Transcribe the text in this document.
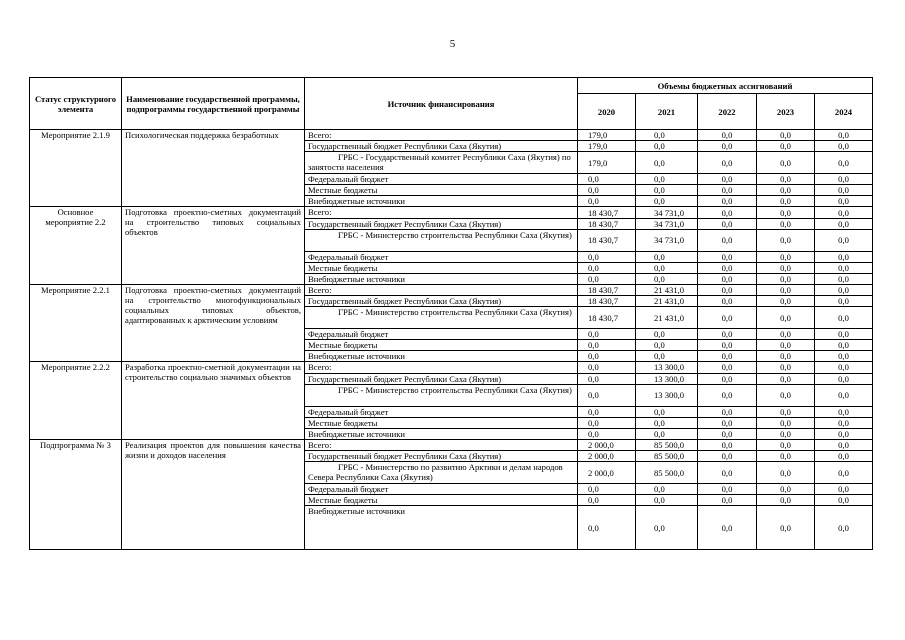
5
Статус структурного элемента	Наименование государственной программы, подпрограммы государственной программы	Источник финансирования	Объемы бюджетных ассигнований				
			2020	2021	2022	2023	2024
Мероприятие 2.1.9	Психологическая поддержка безработных	Всего:	179,0	0,0	0,0	0,0	0,0
		Государственный бюджет Республики Саха (Якутия)	179,0	0,0	0,0	0,0	0,0
		ГРБС - Государственный комитет Республики Саха (Якутия) по занятости населения	179,0	0,0	0,0	0,0	0,0
		Федеральный бюджет	0,0	0,0	0,0	0,0	0,0
		Местные бюджеты	0,0	0,0	0,0	0,0	0,0
		Внебюджетные источники	0,0	0,0	0,0	0,0	0,0
Основное мероприятие 2.2	Подготовка проектно-сметных документаций на строительство типовых социальных объектов	Всего:	18 430,7	34 731,0	0,0	0,0	0,0
		Государственный бюджет Республики Саха (Якутия)	18 430,7	34 731,0	0,0	0,0	0,0
		ГРБС - Министерство строительства Республики Саха (Якутия)	18 430,7	34 731,0	0,0	0,0	0,0
		Федеральный бюджет	0,0	0,0	0,0	0,0	0,0
		Местные бюджеты	0,0	0,0	0,0	0,0	0,0
		Внебюджетные источники	0,0	0,0	0,0	0,0	0,0
Мероприятие 2.2.1	Подготовка проектно-сметных документаций на строительство многофункциональных социальных типовых объектов, адаптированных к арктическим условиям	Всего:	18 430,7	21 431,0	0,0	0,0	0,0
		Государственный бюджет Республики Саха (Якутия)	18 430,7	21 431,0	0,0	0,0	0,0
		ГРБС - Министерство строительства Республики Саха (Якутия)	18 430,7	21 431,0	0,0	0,0	0,0
		Федеральный бюджет	0,0	0,0	0,0	0,0	0,0
		Местные бюджеты	0,0	0,0	0,0	0,0	0,0
		Внебюджетные источники	0,0	0,0	0,0	0,0	0,0
Мероприятие 2.2.2	Разработка проектно-сметной документации на строительство социально значимых объектов	Всего:	0,0	13 300,0	0,0	0,0	0,0
		Государственный бюджет Республики Саха (Якутия)	0,0	13 300,0	0,0	0,0	0,0
		ГРБС - Министерство строительства Республики Саха (Якутия)	0,0	13 300,0	0,0	0,0	0,0
		Федеральный бюджет	0,0	0,0	0,0	0,0	0,0
		Местные бюджеты	0,0	0,0	0,0	0,0	0,0
		Внебюджетные источники	0,0	0,0	0,0	0,0	0,0
Подпрограмма № 3	Реализация проектов для повышения качества жизни и доходов населения	Всего:	2 000,0	85 500,0	0,0	0,0	0,0
		Государственный бюджет Республики Саха (Якутия)	2 000,0	85 500,0	0,0	0,0	0,0
		ГРБС - Министерство по развитию Арктики и делам народов Севера Республики Саха (Якутия)	2 000,0	85 500,0	0,0	0,0	0,0
		Федеральный бюджет	0,0	0,0	0,0	0,0	0,0
		Местные бюджеты	0,0	0,0	0,0	0,0	0,0
		Внебюджетные источники	0,0	0,0	0,0	0,0	0,0
